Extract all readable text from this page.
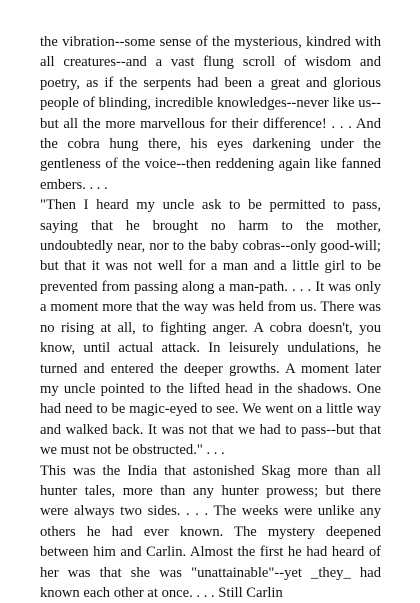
the vibration--some sense of the mysterious, kindred with all creatures--and a vast flung scroll of wisdom and poetry, as if the serpents had been a great and glorious people of blinding, incredible knowledges--never like us--but all the more marvellous for their difference! . . . And the cobra hung there, his eyes darkening under the gentleness of the voice--then reddening again like fanned embers. . . .

"Then I heard my uncle ask to be permitted to pass, saying that he brought no harm to the mother, undoubtedly near, nor to the baby cobras--only good-will; but that it was not well for a man and a little girl to be prevented from passing along a man-path. . . . It was only a moment more that the way was held from us. There was no rising at all, to fighting anger. A cobra doesn't, you know, until actual attack. In leisurely undulations, he turned and entered the deeper growths. A moment later my uncle pointed to the lifted head in the shadows. One had need to be magic-eyed to see. We went on a little way and walked back. It was not that we had to pass--but that we must not be obstructed." . . .

This was the India that astonished Skag more than all hunter tales, more than any hunter prowess; but there were always two sides. . . . The weeks were unlike any others he had ever known. The mystery deepened between him and Carlin. Almost the first he had heard of her was that she was "unattainable"--yet _they_ had known each other at once. . . . Still Carlin
